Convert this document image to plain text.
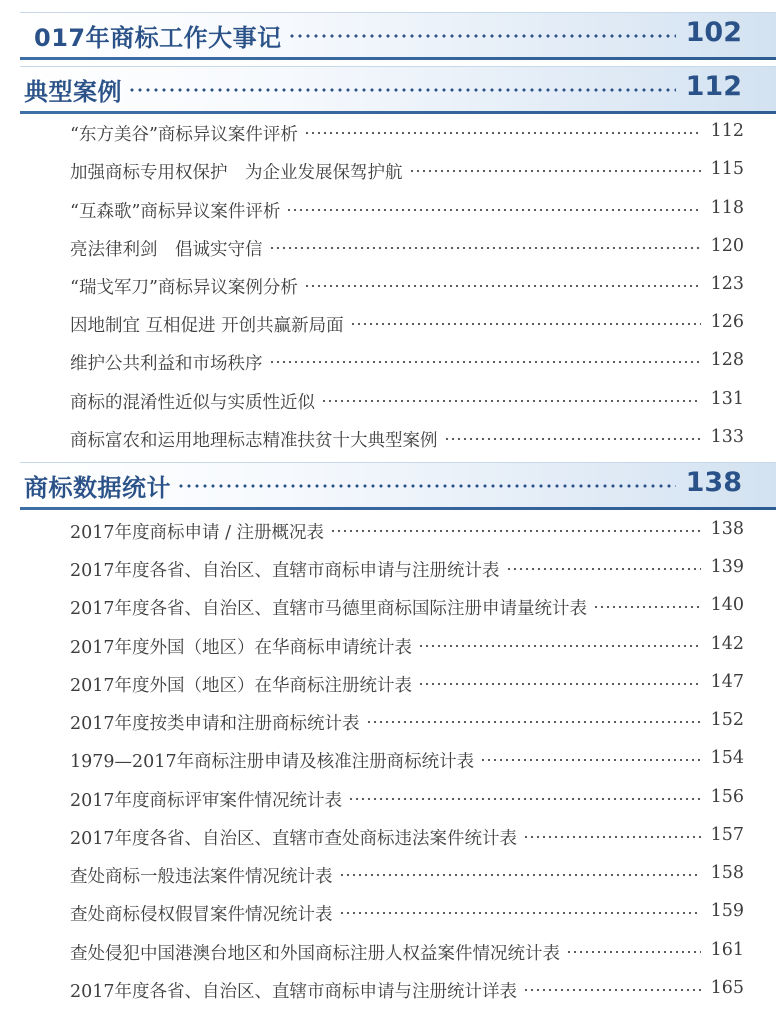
017年商标工作大事记	102
典型案例	112
“东方美谷”商标异议案件评析	112
加强商标专用权保护　为企业发展保驾护航	115
“互森歌”商标异议案件评析	118
亮法律利剑　倡诚实守信	120
“瑞戈军刀”商标异议案例分析	123
因地制宜 互相促进 开创共赢新局面	126
维护公共利益和市场秩序	128
商标的混淆性近似与实质性近似	131
商标富农和运用地理标志精准扶贫十大典型案例	133
商标数据统计	138
2017年度商标申请 / 注册概况表	138
2017年度各省、自治区、直辖市商标申请与注册统计表	139
2017年度各省、自治区、直辖市马德里商标国际注册申请量统计表	140
2017年度外国（地区）在华商标申请统计表	142
2017年度外国（地区）在华商标注册统计表	147
2017年度按类申请和注册商标统计表	152
1979—2017年商标注册申请及核准注册商标统计表	154
2017年度商标评审案件情况统计表	156
2017年度各省、自治区、直辖市查处商标违法案件统计表	157
查处商标一般违法案件情况统计表	158
查处商标侵权假冒案件情况统计表	159
查处侵犯中国港澳台地区和外国商标注册人权益案件情况统计表	161
2017年度各省、自治区、直辖市商标申请与注册统计详表	165
